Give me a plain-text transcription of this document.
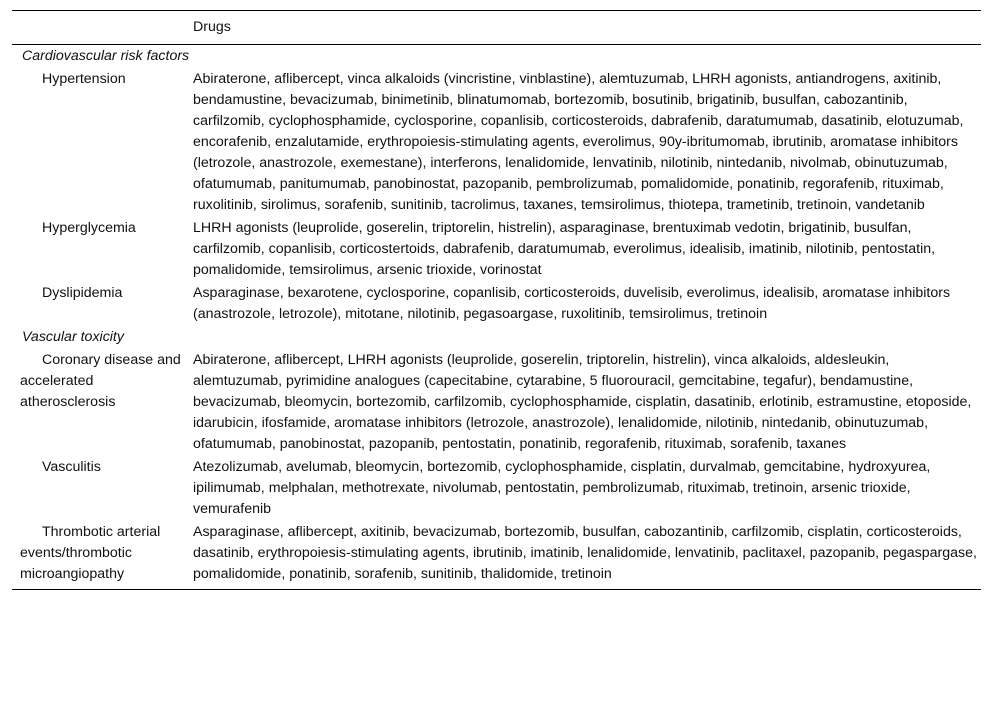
	Drugs
Cardiovascular risk factors	
Hypertension	Abiraterone, aflibercept, vinca alkaloids (vincristine, vinblastine), alemtuzumab, LHRH agonists, antiandrogens, axitinib, bendamustine, bevacizumab, binimetinib, blinatumomab, bortezomib, bosutinib, brigatinib, busulfan, cabozantinib, carfilzomib, cyclophosphamide, cyclosporine, copanlisib, corticosteroids, dabrafenib, daratumumab, dasatinib, elotuzumab, encorafenib, enzalutamide, erythropoiesis-stimulating agents, everolimus, 90y-ibritumomab, ibrutinib, aromatase inhibitors (letrozole, anastrozole, exemestane), interferons, lenalidomide, lenvatinib, nilotinib, nintedanib, nivolmab, obinutuzumab, ofatumumab, panitumumab, panobinostat, pazopanib, pembrolizumab, pomalidomide, ponatinib, regorafenib, rituximab, ruxolitinib, sirolimus, sorafenib, sunitinib, tacrolimus, taxanes, temsirolimus, thiotepa, trametinib, tretinoin, vandetanib
Hyperglycemia	LHRH agonists (leuprolide, goserelin, triptorelin, histrelin), asparaginase, brentuximab vedotin, brigatinib, busulfan, carfilzomib, copanlisib, corticostertoids, dabrafenib, daratumumab, everolimus, idealisib, imatinib, nilotinib, pentostatin, pomalidomide, temsirolimus, arsenic trioxide, vorinostat
Dyslipidemia	Asparaginase, bexarotene, cyclosporine, copanlisib, corticosteroids, duvelisib, everolimus, idealisib, aromatase inhibitors (anastrozole, letrozole), mitotane, nilotinib, pegasoargase, ruxolitinib, temsirolimus, tretinoin
Vascular toxicity	
Coronary disease and accelerated atherosclerosis	Abiraterone, aflibercept, LHRH agonists (leuprolide, goserelin, triptorelin, histrelin), vinca alkaloids, aldesleukin, alemtuzumab, pyrimidine analogues (capecitabine, cytarabine, 5 fluorouracil, gemcitabine, tegafur), bendamustine, bevacizumab, bleomycin, bortezomib, carfilzomib, cyclophosphamide, cisplatin, dasatinib, erlotinib, estramustine, etoposide, idarubicin, ifosfamide, aromatase inhibitors (letrozole, anastrozole), lenalidomide, nilotinib, nintedanib, obinutuzumab, ofatumumab, panobinostat, pazopanib, pentostatin, ponatinib, regorafenib, rituximab, sorafenib, taxanes
Vasculitis	Atezolizumab, avelumab, bleomycin, bortezomib, cyclophosphamide, cisplatin, durvalmab, gemcitabine, hydroxyurea, ipilimumab, melphalan, methotrexate, nivolumab, pentostatin, pembrolizumab, rituximab, tretinoin, arsenic trioxide, vemurafenib
Thrombotic arterial events/thrombotic microangiopathy	Asparaginase, aflibercept, axitinib, bevacizumab, bortezomib, busulfan, cabozantinib, carfilzomib, cisplatin, corticosteroids, dasatinib, erythropoiesis-stimulating agents, ibrutinib, imatinib, lenalidomide, lenvatinib, paclitaxel, pazopanib, pegaspargase, pomalidomide, ponatinib, sorafenib, sunitinib, thalidomide, tretinoin
